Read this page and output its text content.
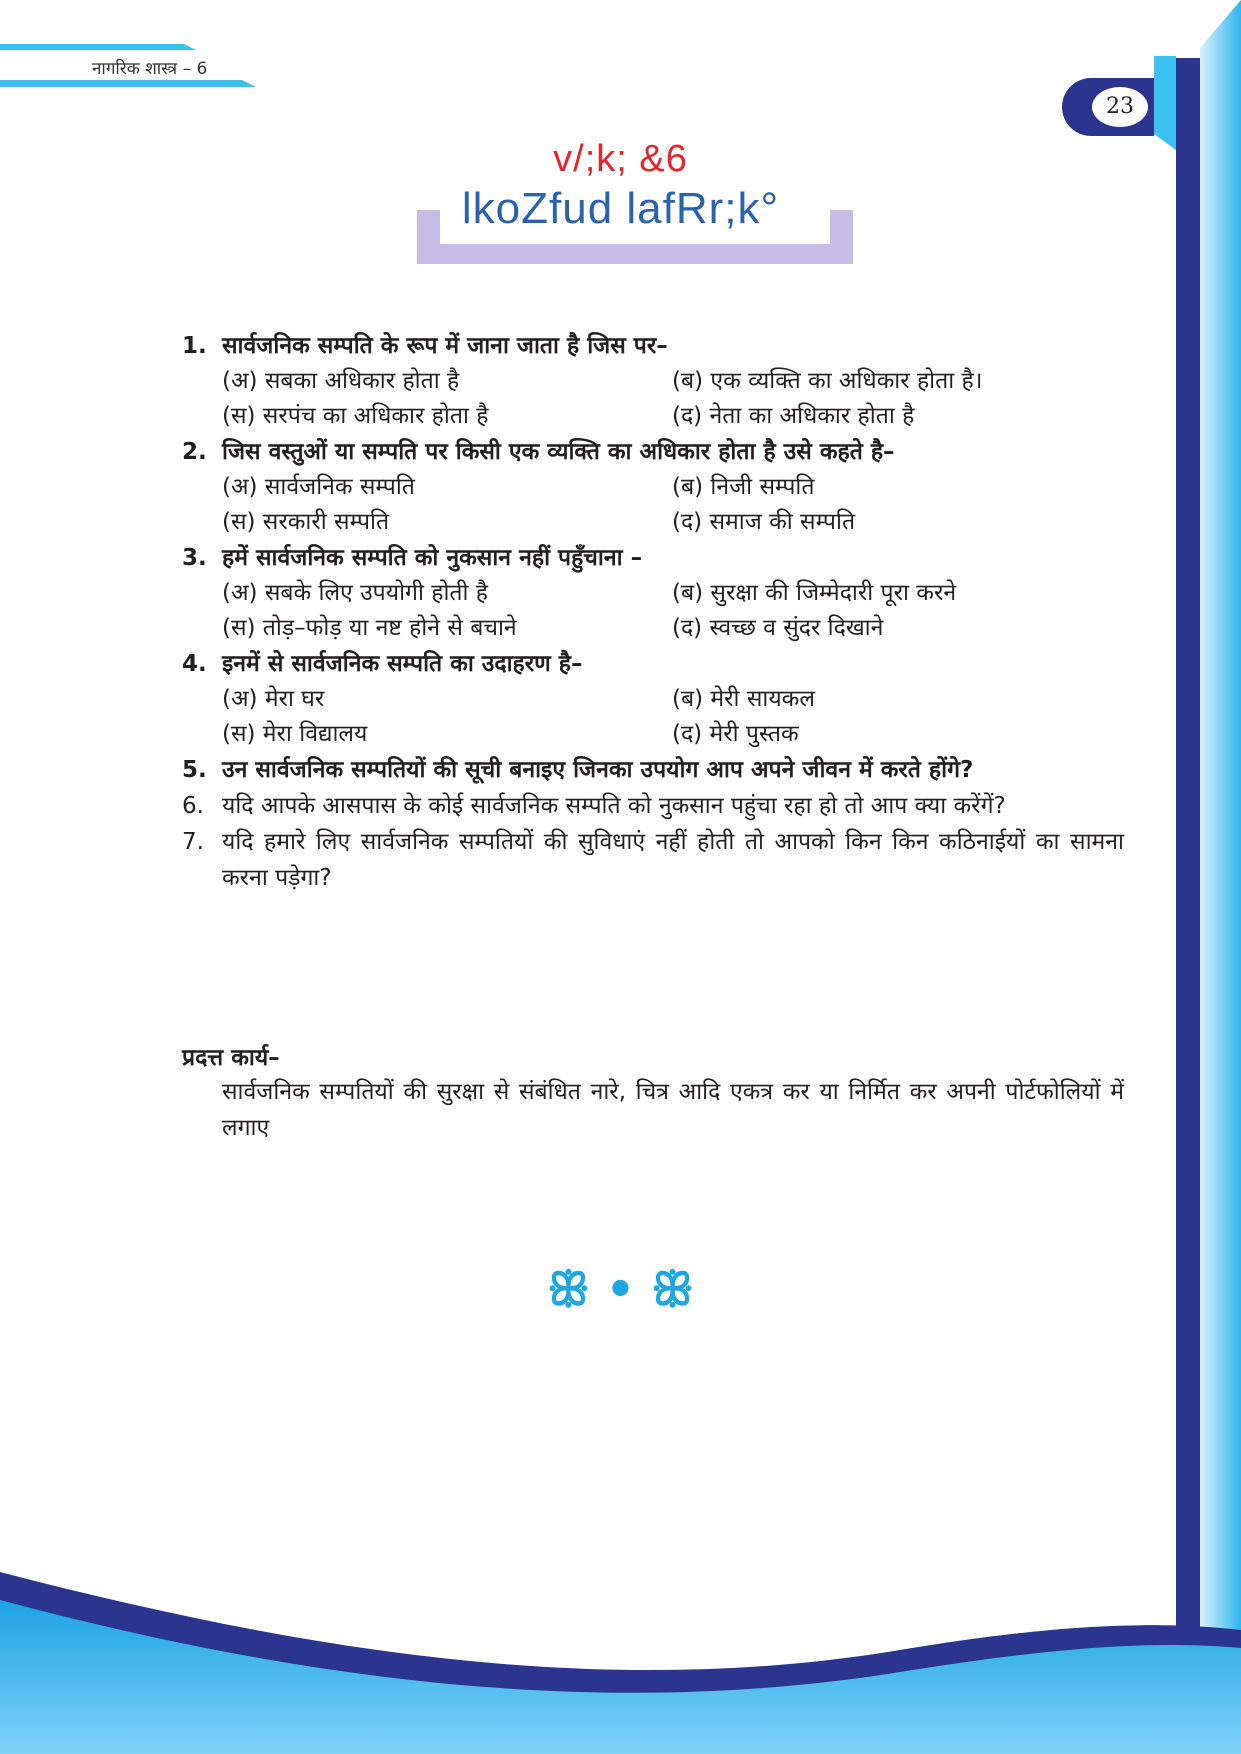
नागरिक शास्त्र – 6
23
v/;k; &6
lkoZfud lafRr;k°
1. सार्वजनिक सम्पति के रूप में जाना जाता है जिस पर–
(अ) सबका अधिकार होता है	(ब) एक व्यक्ति का अधिकार होता है।
(स) सरपंच का अधिकार होता है	(द) नेता का अधिकार होता है
2. जिस वस्तुओं या सम्पति पर किसी एक व्यक्ति का अधिकार होता है उसे कहते है–
(अ) सार्वजनिक सम्पति	(ब) निजी सम्पति
(स) सरकारी सम्पति	(द) समाज की सम्पति
3. हमें सार्वजनिक सम्पति को नुकसान नहीं पहुँचाना –
(अ) सबके लिए उपयोगी होती है	(ब) सुरक्षा की जिम्मेदारी पूरा करने
(स) तोड़–फोड़ या नष्ट होने से बचाने	(द) स्वच्छ व सुंदर दिखाने
4. इनमें से सार्वजनिक सम्पति का उदाहरण है–
(अ) मेरा घर	(ब) मेरी सायकल
(स) मेरा विद्यालय	(द) मेरी पुस्तक
5. उन सार्वजनिक सम्पतियों की सूची बनाइए जिनका उपयोग आप अपने जीवन में करते होंगे?
6. यदि आपके आसपास के कोई सार्वजनिक सम्पति को नुकसान पहुंचा रहा हो तो आप क्या करेंगें?
7. यदि हमारे लिए सार्वजनिक सम्पतियों की सुविधाएं नहीं होती तो आपको किन किन कठिनाईयों का सामना करना पड़ेगा?
प्रदत्त कार्य–
सार्वजनिक सम्पतियों की सुरक्षा से संबंधित नारे, चित्र आदि एकत्र कर या निर्मित कर अपनी पोर्टफोलियों में लगाए
ꕥ • ꕥ
